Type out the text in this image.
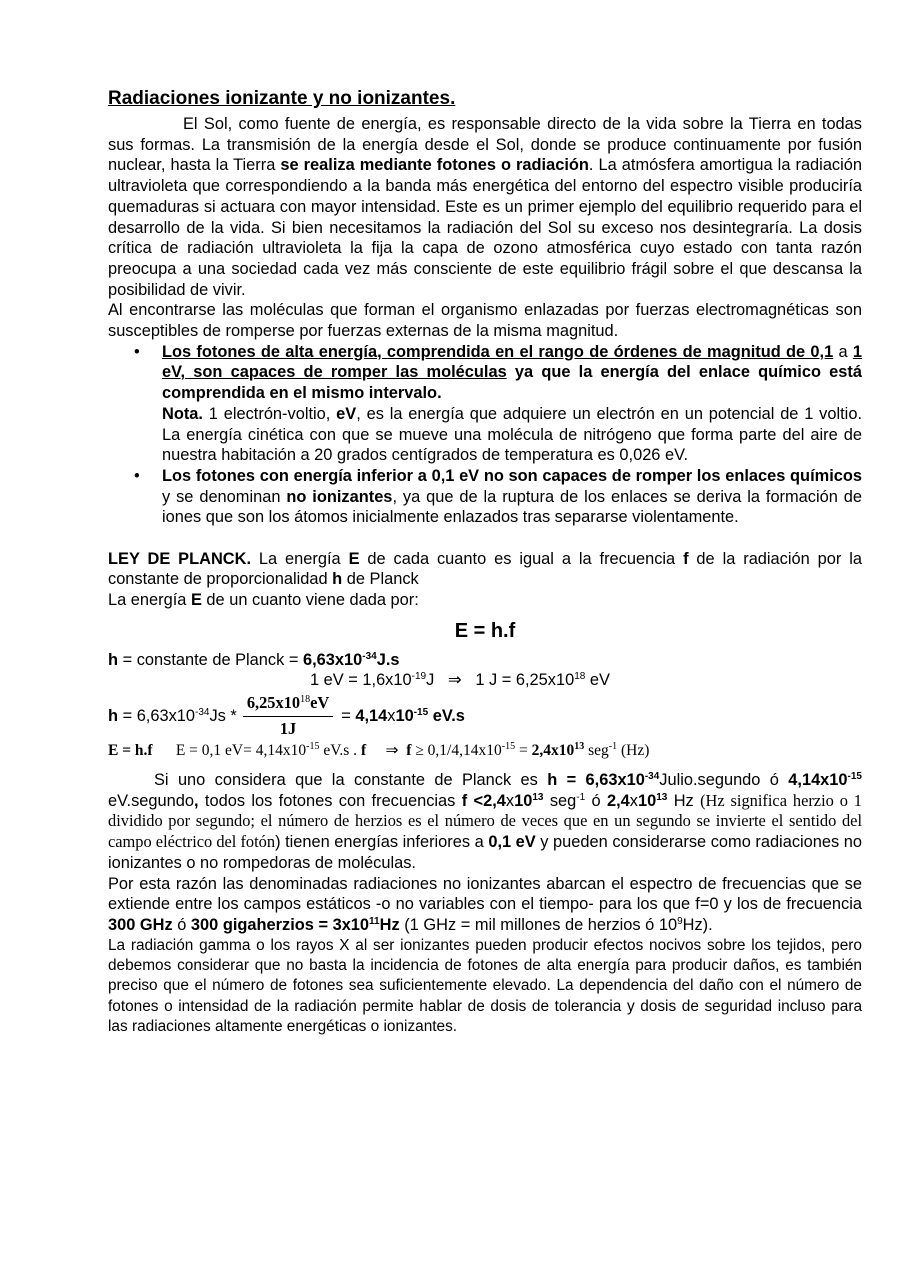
Radiaciones ionizante y no ionizantes.

El Sol, como fuente de energía, es responsable directo de la vida sobre la Tierra en todas sus formas. La transmisión de la energía desde el Sol, donde se produce continuamente por fusión nuclear, hasta la Tierra se realiza mediante fotones o radiación. La atmósfera amortigua la radiación ultravioleta que correspondiendo a la banda más energética del entorno del espectro visible produciría quemaduras si actuara con mayor intensidad. Este es un primer ejemplo del equilibrio requerido para el desarrollo de la vida. Si bien necesitamos la radiación del Sol su exceso nos desintegraría. La dosis crítica de radiación ultravioleta la fija la capa de ozono atmosférica cuyo estado con tanta razón preocupa a una sociedad cada vez más consciente de este equilibrio frágil sobre el que descansa la posibilidad de vivir.

Al encontrarse las moléculas que forman el organismo enlazadas por fuerzas electromagnéticas son susceptibles de romperse por fuerzas externas de la misma magnitud.

• Los fotones de alta energía, comprendida en el rango de órdenes de magnitud de 0,1 a 1 eV, son capaces de romper las moléculas ya que la energía del enlace químico está comprendida en el mismo intervalo.
Nota. 1 electrón-voltio, eV, es la energía que adquiere un electrón en un potencial de 1 voltio. La energía cinética con que se mueve una molécula de nitrógeno que forma parte del aire de nuestra habitación a 20 grados centígrados de temperatura es 0,026 eV.
• Los fotones con energía inferior a 0,1 eV no son capaces de romper los enlaces químicos y se denominan no ionizantes, ya que de la ruptura de los enlaces se deriva la formación de iones que son los átomos inicialmente enlazados tras separarse violentamente.

LEY DE PLANCK. La energía E de cada cuanto es igual a la frecuencia f de la radiación por la constante de proporcionalidad h de Planck

La energía E de un cuanto viene dada por:

E = h.f
h = constante de Planck = $6,63x10^{-34}J.s$
1 eV = $1,6x10^{-19}J$   ⇒   1 $J = 6,25x10^{18}$ eV
$h = 6,63x10^{-34}Js * \frac{6,25x10^{18}eV}{1J} = 4,14x10^{-15}$ eV.s
E = h.f      E = 0,1 $eV= 4,14x10^{-15}$ eV.s . f     ⇒  $f \ge 0,1/4,14x10^{-15} = 2,4x10^{13}$ seg$^{-1}$ (Hz)

Si uno considera que la constante de Planck es $h = 6,63x10^{-34}Julio.segundo$ ó $4,14x10^{-15}$ eV.segundo, todos los fotones con frecuencias $f <2,4x10^{13}$ seg$^{-1}$ ó $2,4x10^{13}$ Hz (Hz significa herzio o 1 dividido por segundo; el número de herzios es el número de veces que en un segundo se invierte el sentido del campo eléctrico del fotón) tienen energías inferiores a 0,1 eV y pueden considerarse como radiaciones no ionizantes o no rompedoras de moléculas.

Por esta razón las denominadas radiaciones no ionizantes abarcan el espectro de frecuencias que se extiende entre los campos estáticos -o no variables con el tiempo- para los que f=0 y los de frecuencia 300 GHz ó 300 gigaherzios = $3x10^{11}Hz$ (1 GHz = mil millones de herzios ó $10^9Hz$).

La radiación gamma o los rayos X al ser ionizantes pueden producir efectos nocivos sobre los tejidos, pero debemos considerar que no basta la incidencia de fotones de alta energía para producir daños, es también preciso que el número de fotones sea suficientemente elevado. La dependencia del daño con el número de fotones o intensidad de la radiación permite hablar de dosis de tolerancia y dosis de seguridad incluso para las radiaciones altamente energéticas o ionizantes.
